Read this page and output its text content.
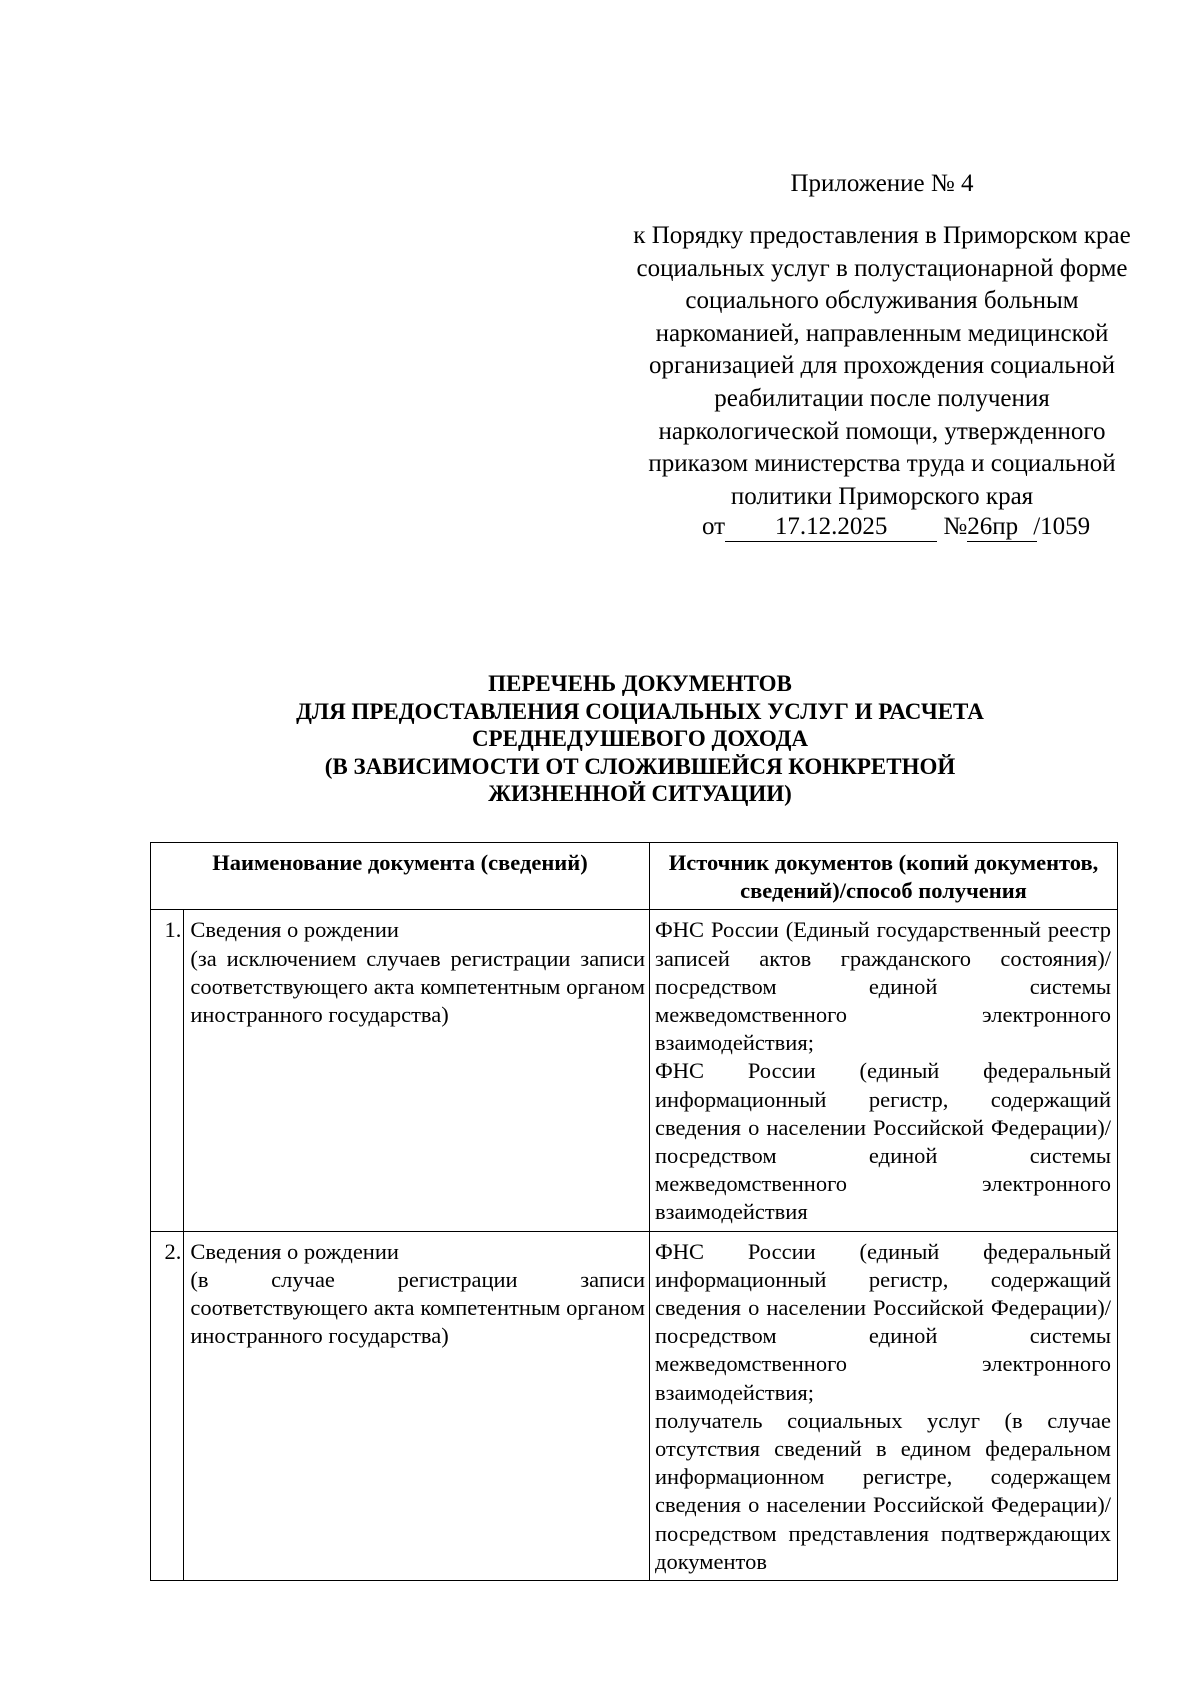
Приложение № 4
к Порядку предоставления в Приморском крае социальных услуг в полустационарной форме социального обслуживания больным наркоманией, направленным медицинской организацией для прохождения социальной реабилитации после получения наркологической помощи, утвержденного приказом министерства труда и социальной политики Приморского края
от 17.12.2025 №26пр /1059
ПЕРЕЧЕНЬ ДОКУМЕНТОВ
ДЛЯ ПРЕДОСТАВЛЕНИЯ СОЦИАЛЬНЫХ УСЛУГ И РАСЧЕТА
СРЕДНЕДУШЕВОГО ДОХОДА
(В ЗАВИСИМОСТИ ОТ СЛОЖИВШЕЙСЯ КОНКРЕТНОЙ
ЖИЗНЕННОЙ СИТУАЦИИ)
Наименование документа (сведений)		Источник документов (копий документов, сведений)/способ получения
1.	Сведения о рождении
(за исключением случаев регистрации записи соответствующего акта компетентным органом иностранного государства)	ФНС России (Единый государственный реестр записей актов гражданского состояния)/посредством единой системы межведомственного электронного взаимодействия;
ФНС России (единый федеральный информационный регистр, содержащий сведения о населении Российской Федерации)/посредством единой системы межведомственного электронного взаимодействия

2.	Сведения о рождении
(в случае регистрации записи соответствующего акта компетентным органом иностранного государства)	ФНС России (единый федеральный информационный регистр, содержащий сведения о населении Российской Федерации)/посредством единой системы межведомственного электронного взаимодействия;
получатель социальных услуг (в случае отсутствия сведений в едином федеральном информационном регистре, содержащем сведения о населении Российской Федерации)/посредством представления подтверждающих документов
